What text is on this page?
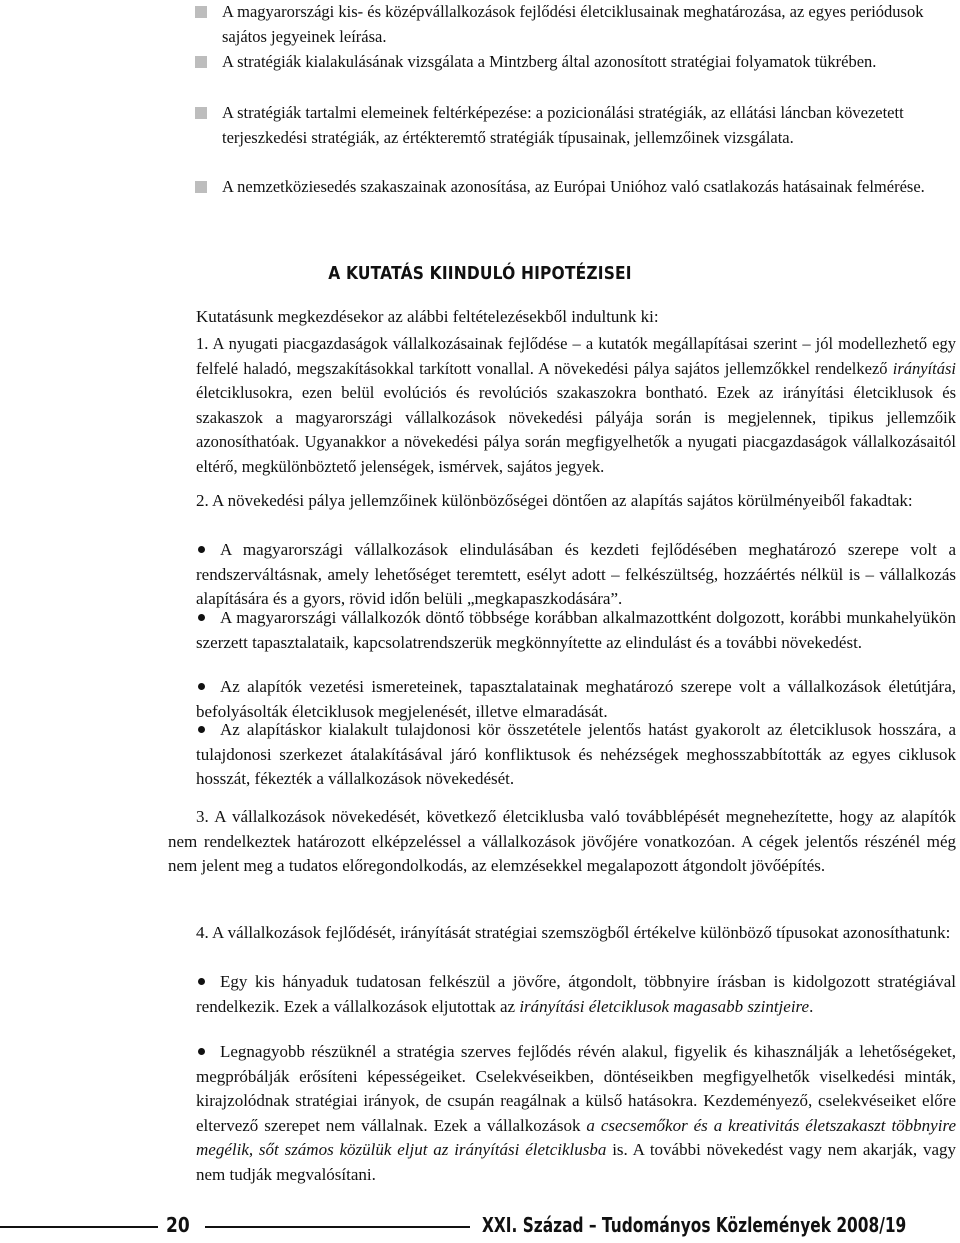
A magyarországi kis- és középvállalkozások fejlődési életciklusainak meghatározása, az egyes periódusok sajátos jegyeinek leírása.
A stratégiák kialakulásának vizsgálata a Mintzberg által azonosított stratégiai folyamatok tükrében.
A stratégiák tartalmi elemeinek feltérképezése: a pozicionálási stratégiák, az ellátási láncban kövezetett terjeszkedési stratégiák, az értékteremtő stratégiák típusainak, jellemzőinek vizsgálata.
A nemzetköziesedés szakaszainak azonosítása, az Európai Unióhoz való csatlakozás hatásainak felmérése.
A KUTATÁS KIINDULÓ HIPOTÉZISEI
Kutatásunk megkezdésekor az alábbi feltételezésekből indultunk ki:
1. A nyugati piacgazdaságok vállalkozásainak fejlődése – a kutatók megállapításai szerint – jól modellezhető egy felfelé haladó, megszakításokkal tarkított vonallal. A növekedési pálya sajátos jellemzőkkel rendelkező irányítási életciklusokra, ezen belül evolúciós és revolúciós szakaszokra bontható. Ezek az irányítási életciklusok és szakaszok a magyarországi vállalkozások növekedési pályája során is megjelennek, tipikus jellemzőik azonosíthatóak. Ugyanakkor a növekedési pálya során megfigyelhetők a nyugati piacgazdaságok vállalkozásaitól eltérő, megkülönböztető jelenségek, ismérvek, sajátos jegyek.
2. A növekedési pálya jellemzőinek különbözőségei döntően az alapítás sajátos körülményeiből fakadtak:
A magyarországi vállalkozások elindulásában és kezdeti fejlődésében meghatározó szerepe volt a rendszerváltásnak, amely lehetőséget teremtett, esélyt adott – felkészültség, hozzáértés nélkül is – vállalkozás alapítására és a gyors, rövid időn belüli „megkapaszkodására”.
A magyarországi vállalkozók döntő többsége korábban alkalmazottként dolgozott, korábbi munkahelyükön szerzett tapasztalataik, kapcsolatrendszerük megkönnyítette az elindulást és a további növekedést.
Az alapítók vezetési ismereteinek, tapasztalatainak meghatározó szerepe volt a vállalkozások életútjára, befolyásolták életciklusok megjelenését, illetve elmaradását.
Az alapításkor kialakult tulajdonosi kör összetétele jelentős hatást gyakorolt az életciklusok hosszára, a tulajdonosi szerkezet átalakításával járó konfliktusok és nehézségek meghosszabbították az egyes ciklusok hosszát, fékezték a vállalkozások növekedését.
3. A vállalkozások növekedését, következő életciklusba való továbblépését megnehezítette, hogy az alapítók nem rendelkeztek határozott elképzeléssel a vállalkozások jövőjére vonatkozóan. A cégek jelentős részénél még nem jelent meg a tudatos előregondolkodás, az elemzésekkel megalapozott átgondolt jövőépítés.
4. A vállalkozások fejlődését, irányítását stratégiai szemszögből értékelve különböző típusokat azonosíthatunk:
Egy kis hányaduk tudatosan felkészül a jövőre, átgondolt, többnyire írásban is kidolgozott stratégiával rendelkezik. Ezek a vállalkozások eljutottak az irányítási életciklusok magasabb szintjeire.
Legnagyobb részüknél a stratégia szerves fejlődés révén alakul, figyelik és kihasználják a lehetőségeket, megpróbálják erősíteni képességeiket. Cselekvéseikben, döntéseikben megfigyelhetők viselkedési minták, kirajzolódnak stratégiai irányok, de csupán reagálnak a külső hatásokra. Kezdeményező, cselekvéseiket előre eltervező szerepet nem vállalnak. Ezek a vállalkozások a csecsemőkor és a kreativitás életszakaszt többnyire megélik, sőt számos közülük eljut az irányítási életciklusba is. A további növekedést vagy nem akarják, vagy nem tudják megvalósítani.
20	XXI. Század – Tudományos Közlemények 2008/19
